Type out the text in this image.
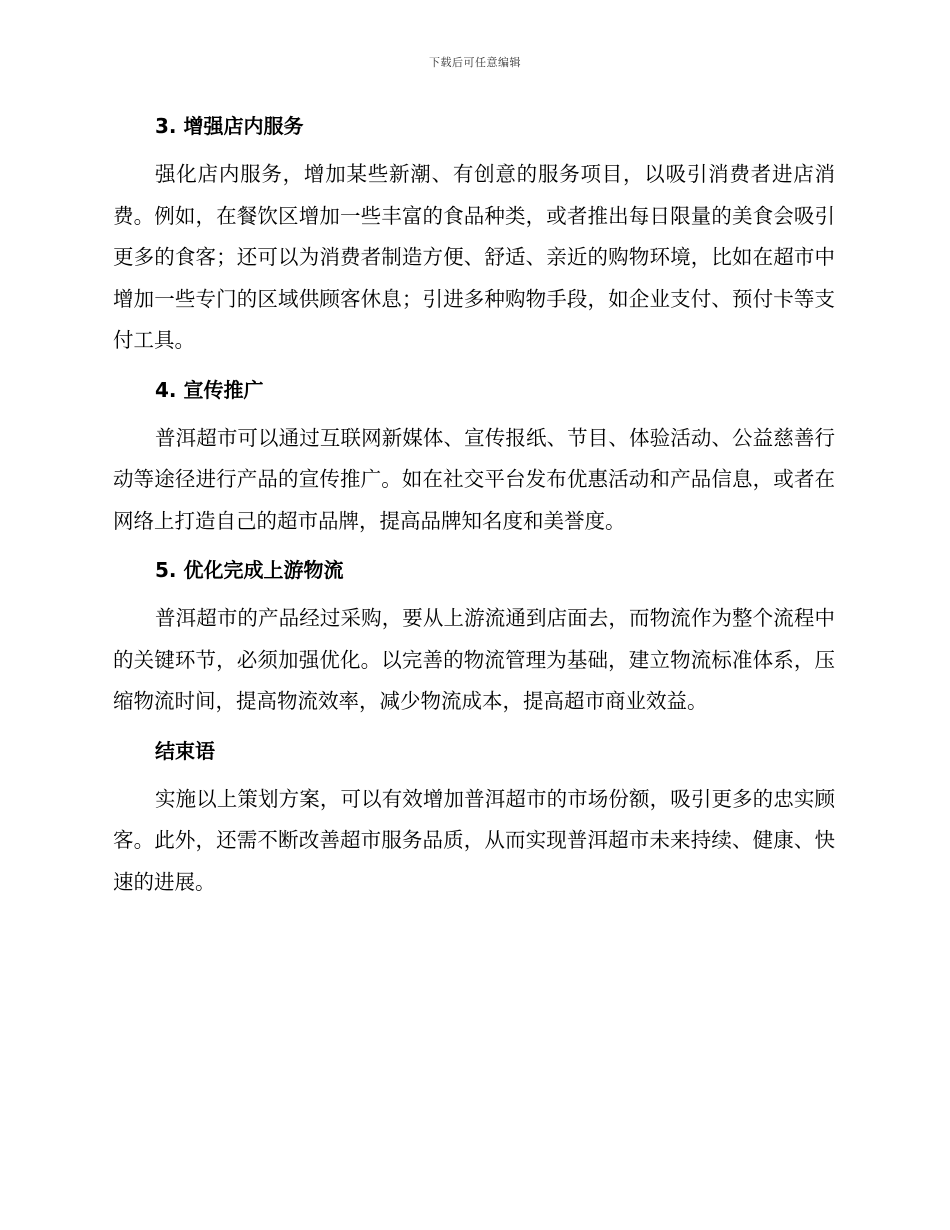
下载后可任意编辑
3. 增强店内服务

强化店内服务，增加某些新潮、有创意的服务项目，以吸引消费者进店消费。例如，在餐饮区增加一些丰富的食品种类，或者推出每日限量的美食会吸引更多的食客；还可以为消费者制造方便、舒适、亲近的购物环境，比如在超市中增加一些专门的区域供顾客休息；引进多种购物手段，如企业支付、预付卡等支付工具。

4. 宣传推广

普洱超市可以通过互联网新媒体、宣传报纸、节目、体验活动、公益慈善行动等途径进行产品的宣传推广。如在社交平台发布优惠活动和产品信息，或者在网络上打造自己的超市品牌，提高品牌知名度和美誉度。

5. 优化完成上游物流

普洱超市的产品经过采购，要从上游流通到店面去，而物流作为整个流程中的关键环节，必须加强优化。以完善的物流管理为基础，建立物流标准体系，压缩物流时间，提高物流效率，减少物流成本，提高超市商业效益。

结束语

实施以上策划方案，可以有效增加普洱超市的市场份额，吸引更多的忠实顾客。此外，还需不断改善超市服务品质，从而实现普洱超市未来持续、健康、快速的进展。
